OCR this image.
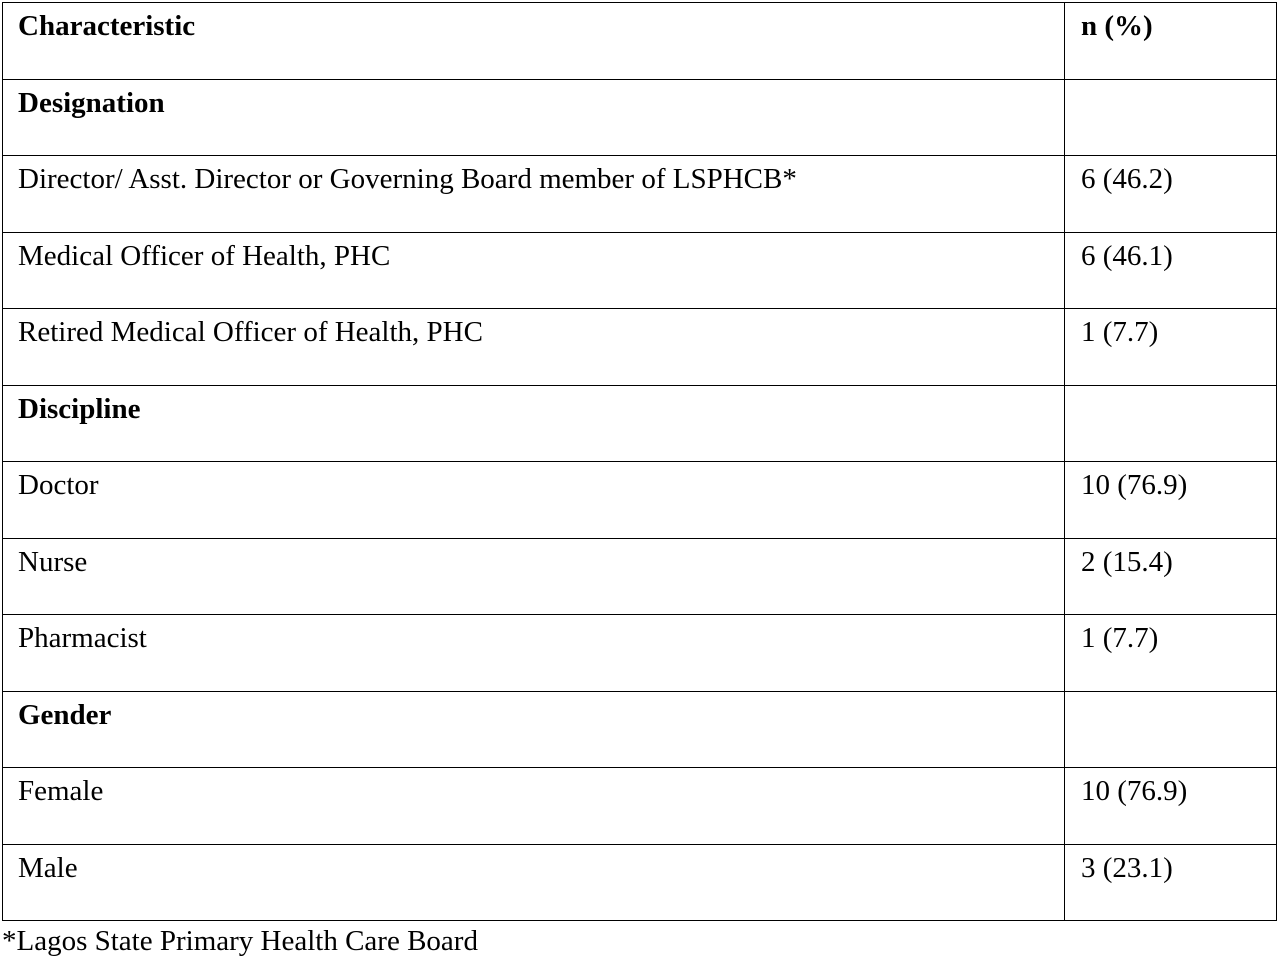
Characteristic	n (%)
Designation	
Director/ Asst. Director or Governing Board member of LSPHCB*	6 (46.2)
Medical Officer of Health, PHC	6 (46.1)
Retired Medical Officer of Health, PHC	1 (7.7)
Discipline	
Doctor	10 (76.9)
Nurse	2 (15.4)
Pharmacist	1 (7.7)
Gender	
Female	10 (76.9)
Male	3 (23.1)
*Lagos State Primary Health Care Board
